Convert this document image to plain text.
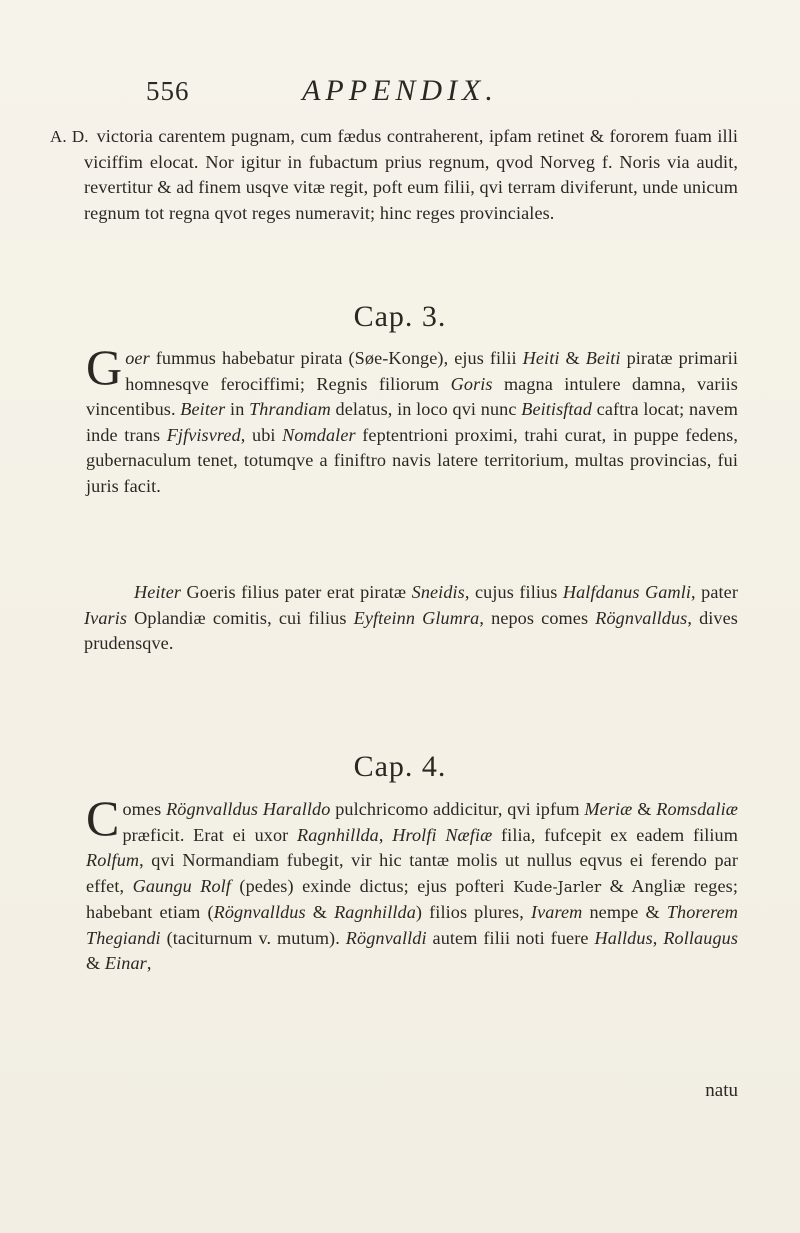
556	APPENDIX.
A. D. victoria carentem pugnam, cum fædus contraherent, ipfam retinet & fororem fuam illi viciffim elocat. Nor igitur in fubactum prius regnum, qvod Norveg f. Noris via audit, revertitur & ad finem usqve vitæ regit, poft eum filii, qvi terram diviferunt, unde unicum regnum tot regna qvot reges numeravit; hinc reges provinciales.
Cap. 3.
Goer fummus habebatur pirata (Søe-Konge), ejus filii Heiti & Beiti piratæ primarii homnesqve ferociffimi; Regnis filiorum Goris magna intulere damna, variis vincentibus. Beiter in Thrandiam delatus, in loco qvi nunc Beitisftad caftra locat; navem inde trans Fjfvisvred, ubi Nomdaler feptentrioni proximi, trahi curat, in puppe fedens, gubernaculum tenet, totumqve a finiftro navis latere territorium, multas provincias, fui juris facit.
Heiter Goeris filius pater erat piratæ Sneidis, cujus filius Halfdanus Gamli, pater Ivaris Oplandiæ comitis, cui filius Eyfteinn Glumra, nepos comes Rögnvalldus, dives prudensqve.
Cap. 4.
Comes Rögnvalldus Haralldo pulchricomo addicitur, qvi ipfum Meriæ & Romsdaliæ præficit. Erat ei uxor Ragnhillda, Hrolfi Næfiæ filia, fufcepit ex eadem filium Rolfum, qvi Normandiam fubegit, vir hic tantæ molis ut nullus eqvus ei ferendo par effet, Gaungu Rolf (pedes) exinde dictus; ejus pofteri Kude-Jarler & Angliæ reges; habebant etiam (Rögnvalldus & Ragnhillda) filios plures, Ivarem nempe & Thorerem Thegiandi (taciturnum v. mutum). Rögnvalldi autem filii noti fuere Halldus, Rollaugus & Einar,
natu
